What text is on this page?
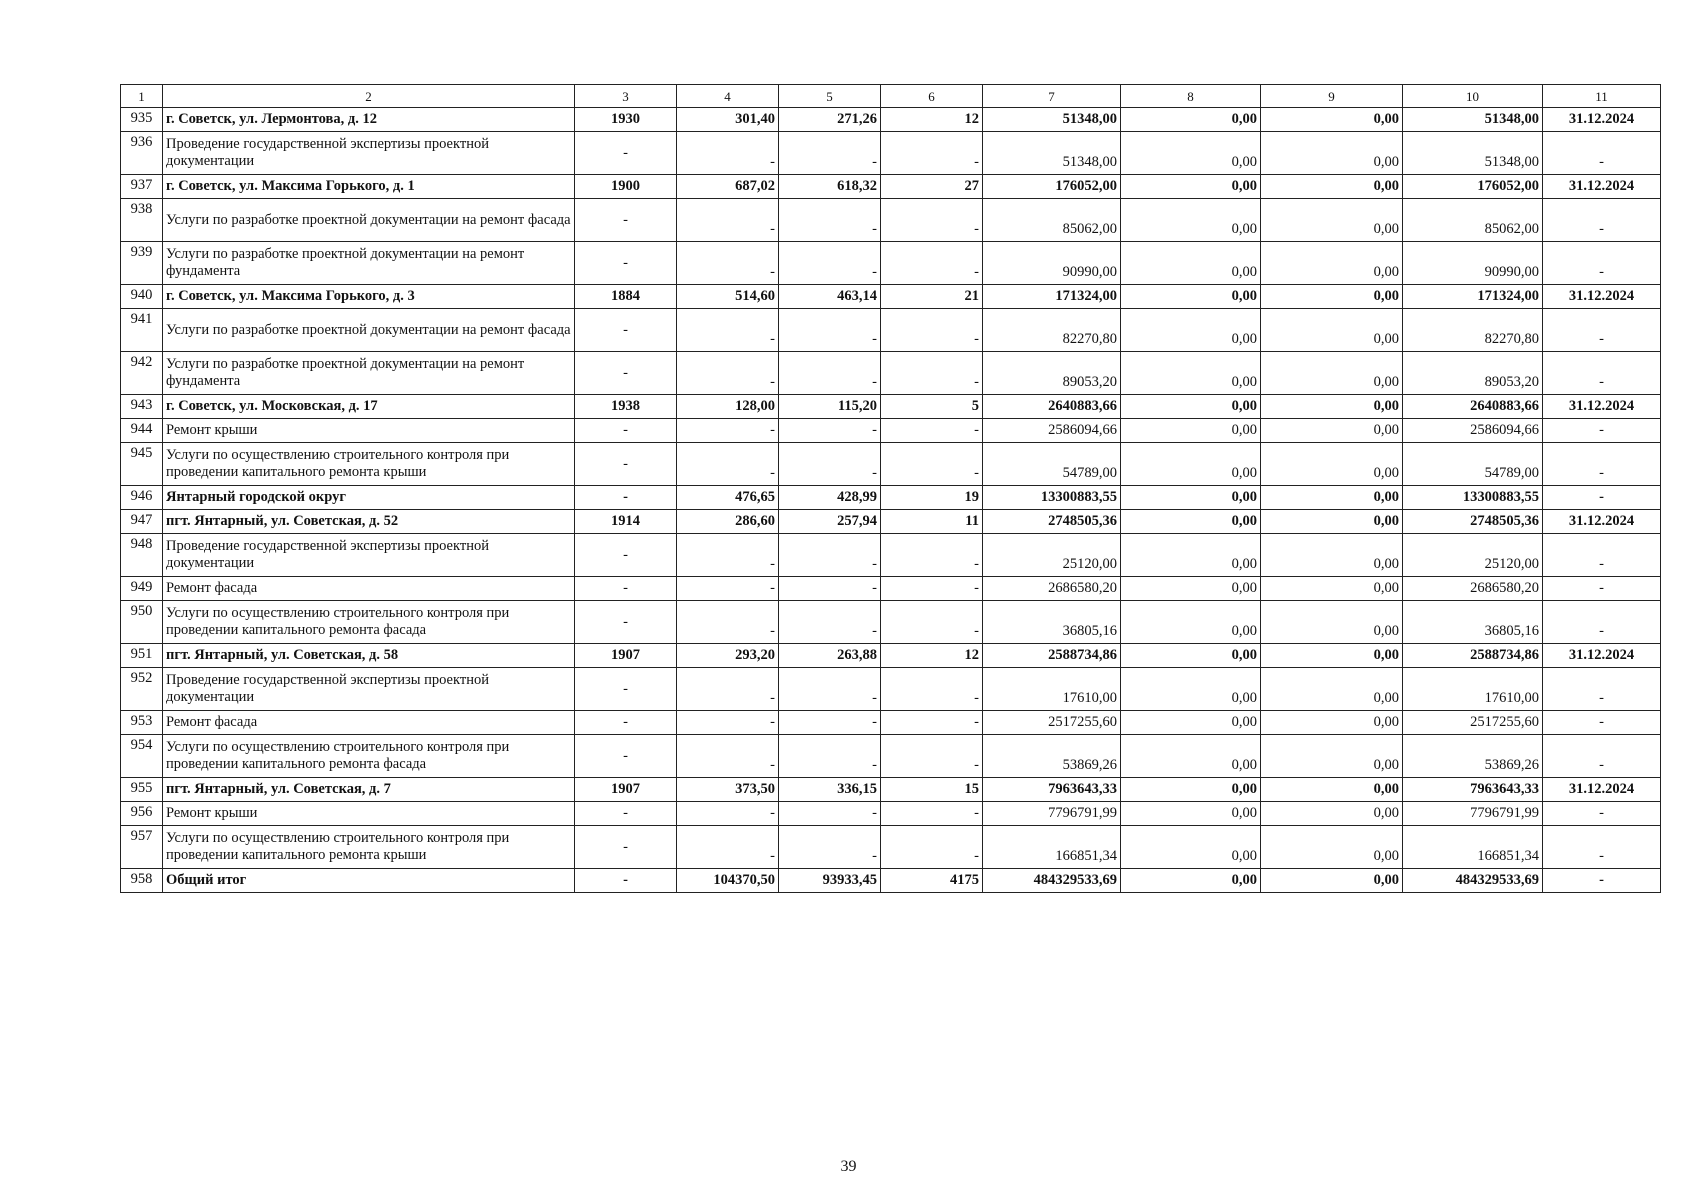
1	2	3	4	5	6	7	8	9	10	11
935	г. Советск, ул. Лермонтова, д. 12	1930	301,40	271,26	12	51348,00	0,00	0,00	51348,00	31.12.2024
936	Проведение государственной экспертизы проектной документации	-	-	-	-	51348,00	0,00	0,00	51348,00	-
937	г. Советск, ул. Максима Горького, д. 1	1900	687,02	618,32	27	176052,00	0,00	0,00	176052,00	31.12.2024
938	Услуги по разработке проектной документации на ремонт фасада	-	-	-	-	85062,00	0,00	0,00	85062,00	-
939	Услуги по разработке проектной документации на ремонт фундамента	-	-	-	-	90990,00	0,00	0,00	90990,00	-
940	г. Советск, ул. Максима Горького, д. 3	1884	514,60	463,14	21	171324,00	0,00	0,00	171324,00	31.12.2024
941	Услуги по разработке проектной документации на ремонт фасада	-	-	-	-	82270,80	0,00	0,00	82270,80	-
942	Услуги по разработке проектной документации на ремонт фундамента	-	-	-	-	89053,20	0,00	0,00	89053,20	-
943	г. Советск, ул. Московская, д. 17	1938	128,00	115,20	5	2640883,66	0,00	0,00	2640883,66	31.12.2024
944	Ремонт крыши	-	-	-	-	2586094,66	0,00	0,00	2586094,66	-
945	Услуги по осуществлению строительного контроля при проведении капитального ремонта крыши	-	-	-	-	54789,00	0,00	0,00	54789,00	-
946	Янтарный городской округ	-	476,65	428,99	19	13300883,55	0,00	0,00	13300883,55	-
947	пгт. Янтарный, ул. Советская, д. 52	1914	286,60	257,94	11	2748505,36	0,00	0,00	2748505,36	31.12.2024
948	Проведение государственной экспертизы проектной документации	-	-	-	-	25120,00	0,00	0,00	25120,00	-
949	Ремонт фасада	-	-	-	-	2686580,20	0,00	0,00	2686580,20	-
950	Услуги по осуществлению строительного контроля при проведении капитального ремонта фасада	-	-	-	-	36805,16	0,00	0,00	36805,16	-
951	пгт. Янтарный, ул. Советская, д. 58	1907	293,20	263,88	12	2588734,86	0,00	0,00	2588734,86	31.12.2024
952	Проведение государственной экспертизы проектной документации	-	-	-	-	17610,00	0,00	0,00	17610,00	-
953	Ремонт фасада	-	-	-	-	2517255,60	0,00	0,00	2517255,60	-
954	Услуги по осуществлению строительного контроля при проведении капитального ремонта фасада	-	-	-	-	53869,26	0,00	0,00	53869,26	-
955	пгт. Янтарный, ул. Советская, д. 7	1907	373,50	336,15	15	7963643,33	0,00	0,00	7963643,33	31.12.2024
956	Ремонт крыши	-	-	-	-	7796791,99	0,00	0,00	7796791,99	-
957	Услуги по осуществлению строительного контроля при проведении капитального ремонта крыши	-	-	-	-	166851,34	0,00	0,00	166851,34	-
958	Общий итог	-	104370,50	93933,45	4175	484329533,69	0,00	0,00	484329533,69	-
39
